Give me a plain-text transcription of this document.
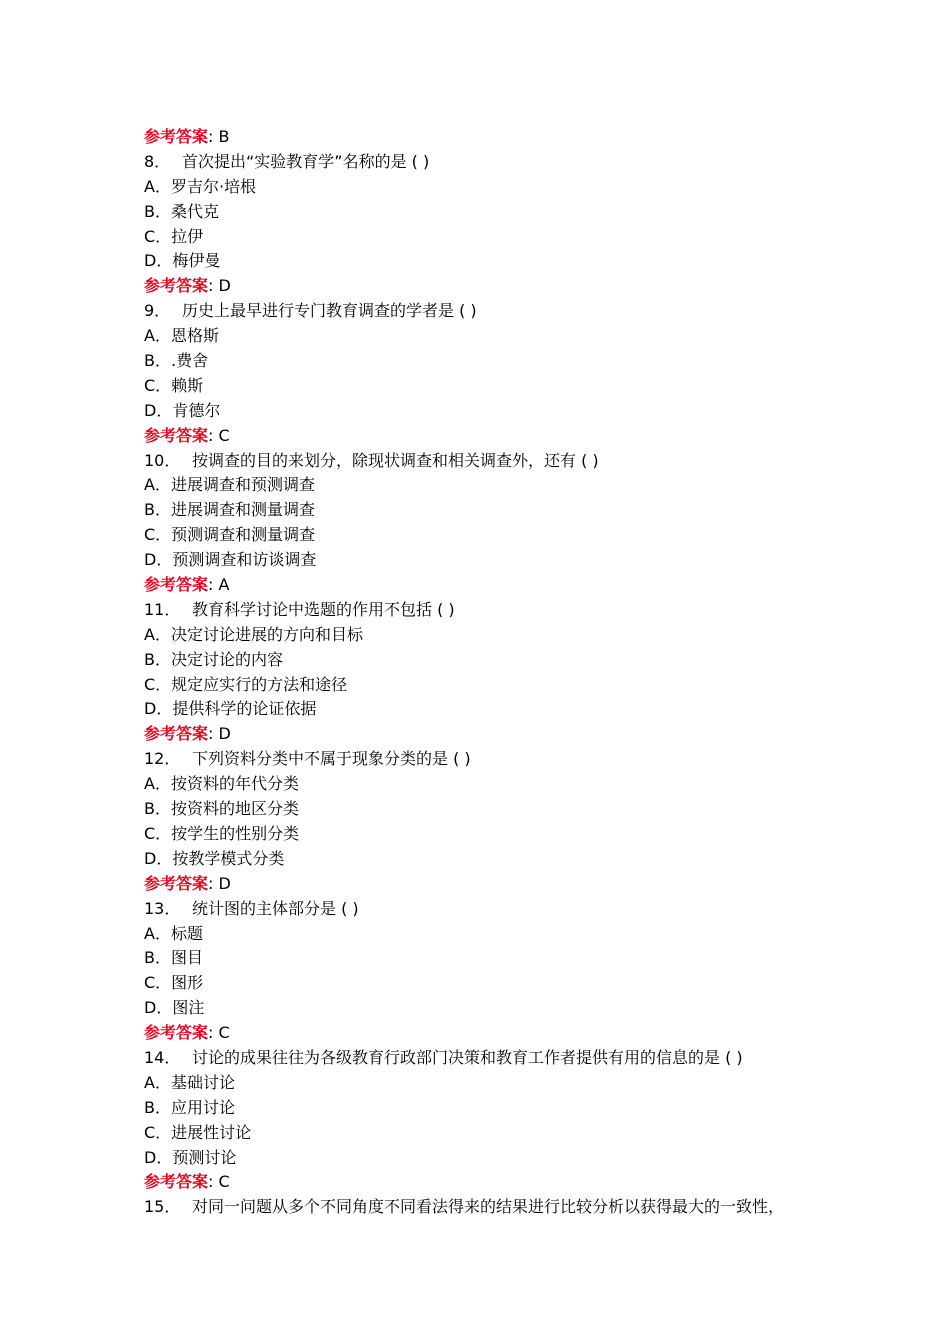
参考答案: B
8． 首次提出“实验教育学”名称的是 ( )
A．罗吉尔·培根
B．桑代克
C．拉伊
D．梅伊曼
参考答案: D
9． 历史上最早进行专门教育调查的学者是 ( )
A．恩格斯
B．.费舍
C．赖斯
D．肯德尔
参考答案: C
10． 按调查的目的来划分，除现状调查和相关调查外，还有 ( )
A．进展调查和预测调查
B．进展调查和测量调查
C．预测调查和测量调查
D．预测调查和访谈调查
参考答案: A
11． 教育科学讨论中选题的作用不包括 ( )
A．决定讨论进展的方向和目标
B．决定讨论的内容
C．规定应实行的方法和途径
D．提供科学的论证依据
参考答案: D
12． 下列资料分类中不属于现象分类的是 ( )
A．按资料的年代分类
B．按资料的地区分类
C．按学生的性别分类
D．按教学模式分类
参考答案: D
13． 统计图的主体部分是 ( )
A．标题
B．图目
C．图形
D．图注
参考答案: C
14． 讨论的成果往往为各级教育行政部门决策和教育工作者提供有用的信息的是 ( )
A．基础讨论
B．应用讨论
C．进展性讨论
D．预测讨论
参考答案: C
15． 对同一问题从多个不同角度不同看法得来的结果进行比较分析以获得最大的一致性，
